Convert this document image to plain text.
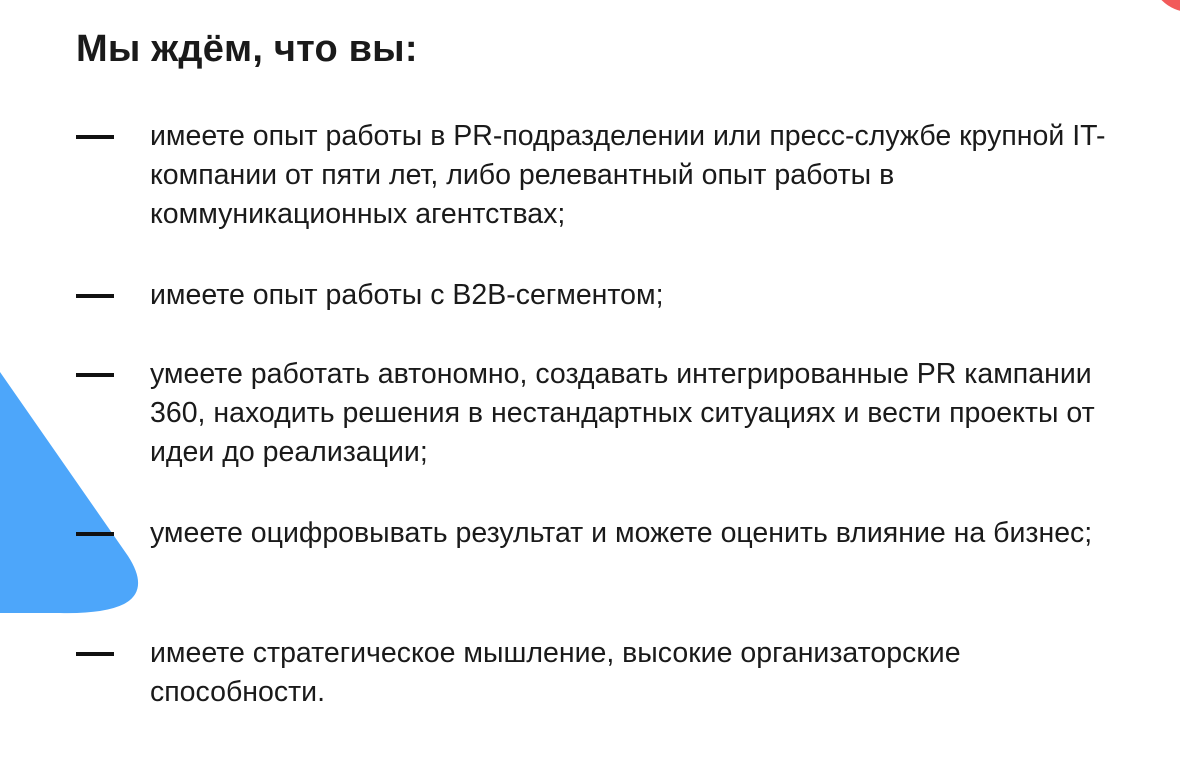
Мы ждём, что вы:
имеете опыт работы в PR-подразделении или пресс-службе крупной IT-компании от пяти лет, либо релевантный опыт работы в коммуникационных агентствах;
имеете опыт работы с B2B-сегментом;
умеете работать автономно, создавать интегрированные PR кампании 360, находить решения в нестандартных ситуациях и вести проекты от идеи до реализации;
умеете оцифровывать результат и можете оценить влияние на бизнес;
имеете стратегическое мышление, высокие организаторские способности.
